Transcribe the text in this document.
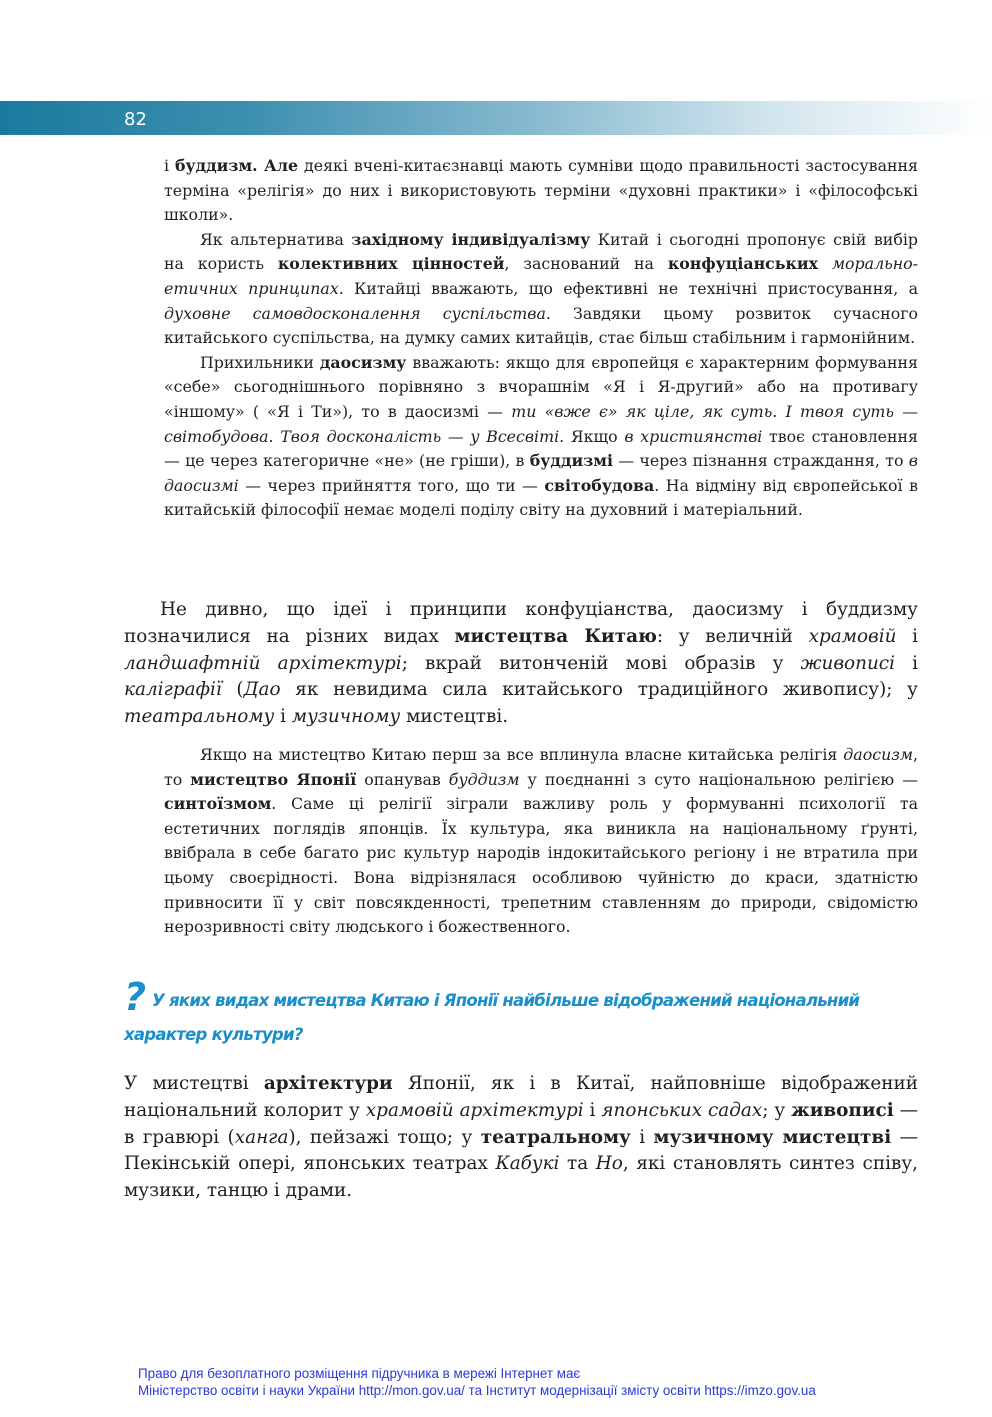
82

і буддизм. Але деякі вчені-китаєзнавці мають сумніви щодо правильності застосування терміна «релігія» до них і використовують терміни «духовні практики» і «філософські школи».

Як альтернатива західному індивідуалізму Китай і сьогодні пропонує свій вибір на користь колективних цінностей, заснований на конфуціанських морально-етичних принципах. Китайці вважають, що ефективні не технічні пристосування, а духовне самовдосконалення суспільства. Завдяки цьому розвиток сучасного китайського суспільства, на думку самих китайців, стає більш стабільним і гармонійним.

Прихильники даосизму вважають: якщо для європейця є характерним формування «себе» сьогоднішнього порівняно з вчорашнім «Я і Я-другий» або на противагу «іншому» ( «Я і Ти»), то в даосизмі — ти «вже є» як ціле, як суть. І твоя суть — світобудова. Твоя досконалість — у Всесвіті. Якщо в християнстві твоє становлення — це через категоричне «не» (не гріши), в буддизмі — через пізнання страждання, то в даосизмі — через прийняття того, що ти — світобудова. На відміну від європейської в китайській філософії немає моделі поділу світу на духовний і матеріальний.

Не дивно, що ідеї і принципи конфуціанства, даосизму і буддизму позначилися на різних видах мистецтва Китаю: у величній храмовій і ландшафтній архітектурі; вкрай витонченій мові образів у живописі і каліграфії (Дао як невидима сила китайського традиційного живопису); у театральному і музичному мистецтві.

Якщо на мистецтво Китаю перш за все вплинула власне китайська релігія даосизм, то мистецтво Японії опанував буддизм у поєднанні з суто національною релігією — синтоїзмом. Саме ці релігії зіграли важливу роль у формуванні психології та естетичних поглядів японців. Їх культура, яка виникла на національному ґрунті, ввібрала в себе багато рис культур народів індокитайського регіону і не втратила при цьому своєрідності. Вона відрізнялася особливою чуйністю до краси, здатністю привносити її у світ повсякденності, трепетним ставленням до природи, свідомістю нерозривності світу людського і божественного.

? У яких видах мистецтва Китаю і Японії найбільше відображений національний характер культури?

У мистецтві архітектури Японії, як і в Китаї, найповніше відображений національний колорит у храмовій архітектурі і японських садах; у живописі — в гравюрі (ханга), пейзажі тощо; у театральному і музичному мистецтві — Пекінській опері, японських театрах Кабукі та Но, які становлять синтез співу, музики, танцю і драми.

Право для безоплатного розміщення підручника в мережі Інтернет має
Міністерство освіти і науки України http://mon.gov.ua/ та Інститут модернізації змісту освіти https://imzo.gov.ua
